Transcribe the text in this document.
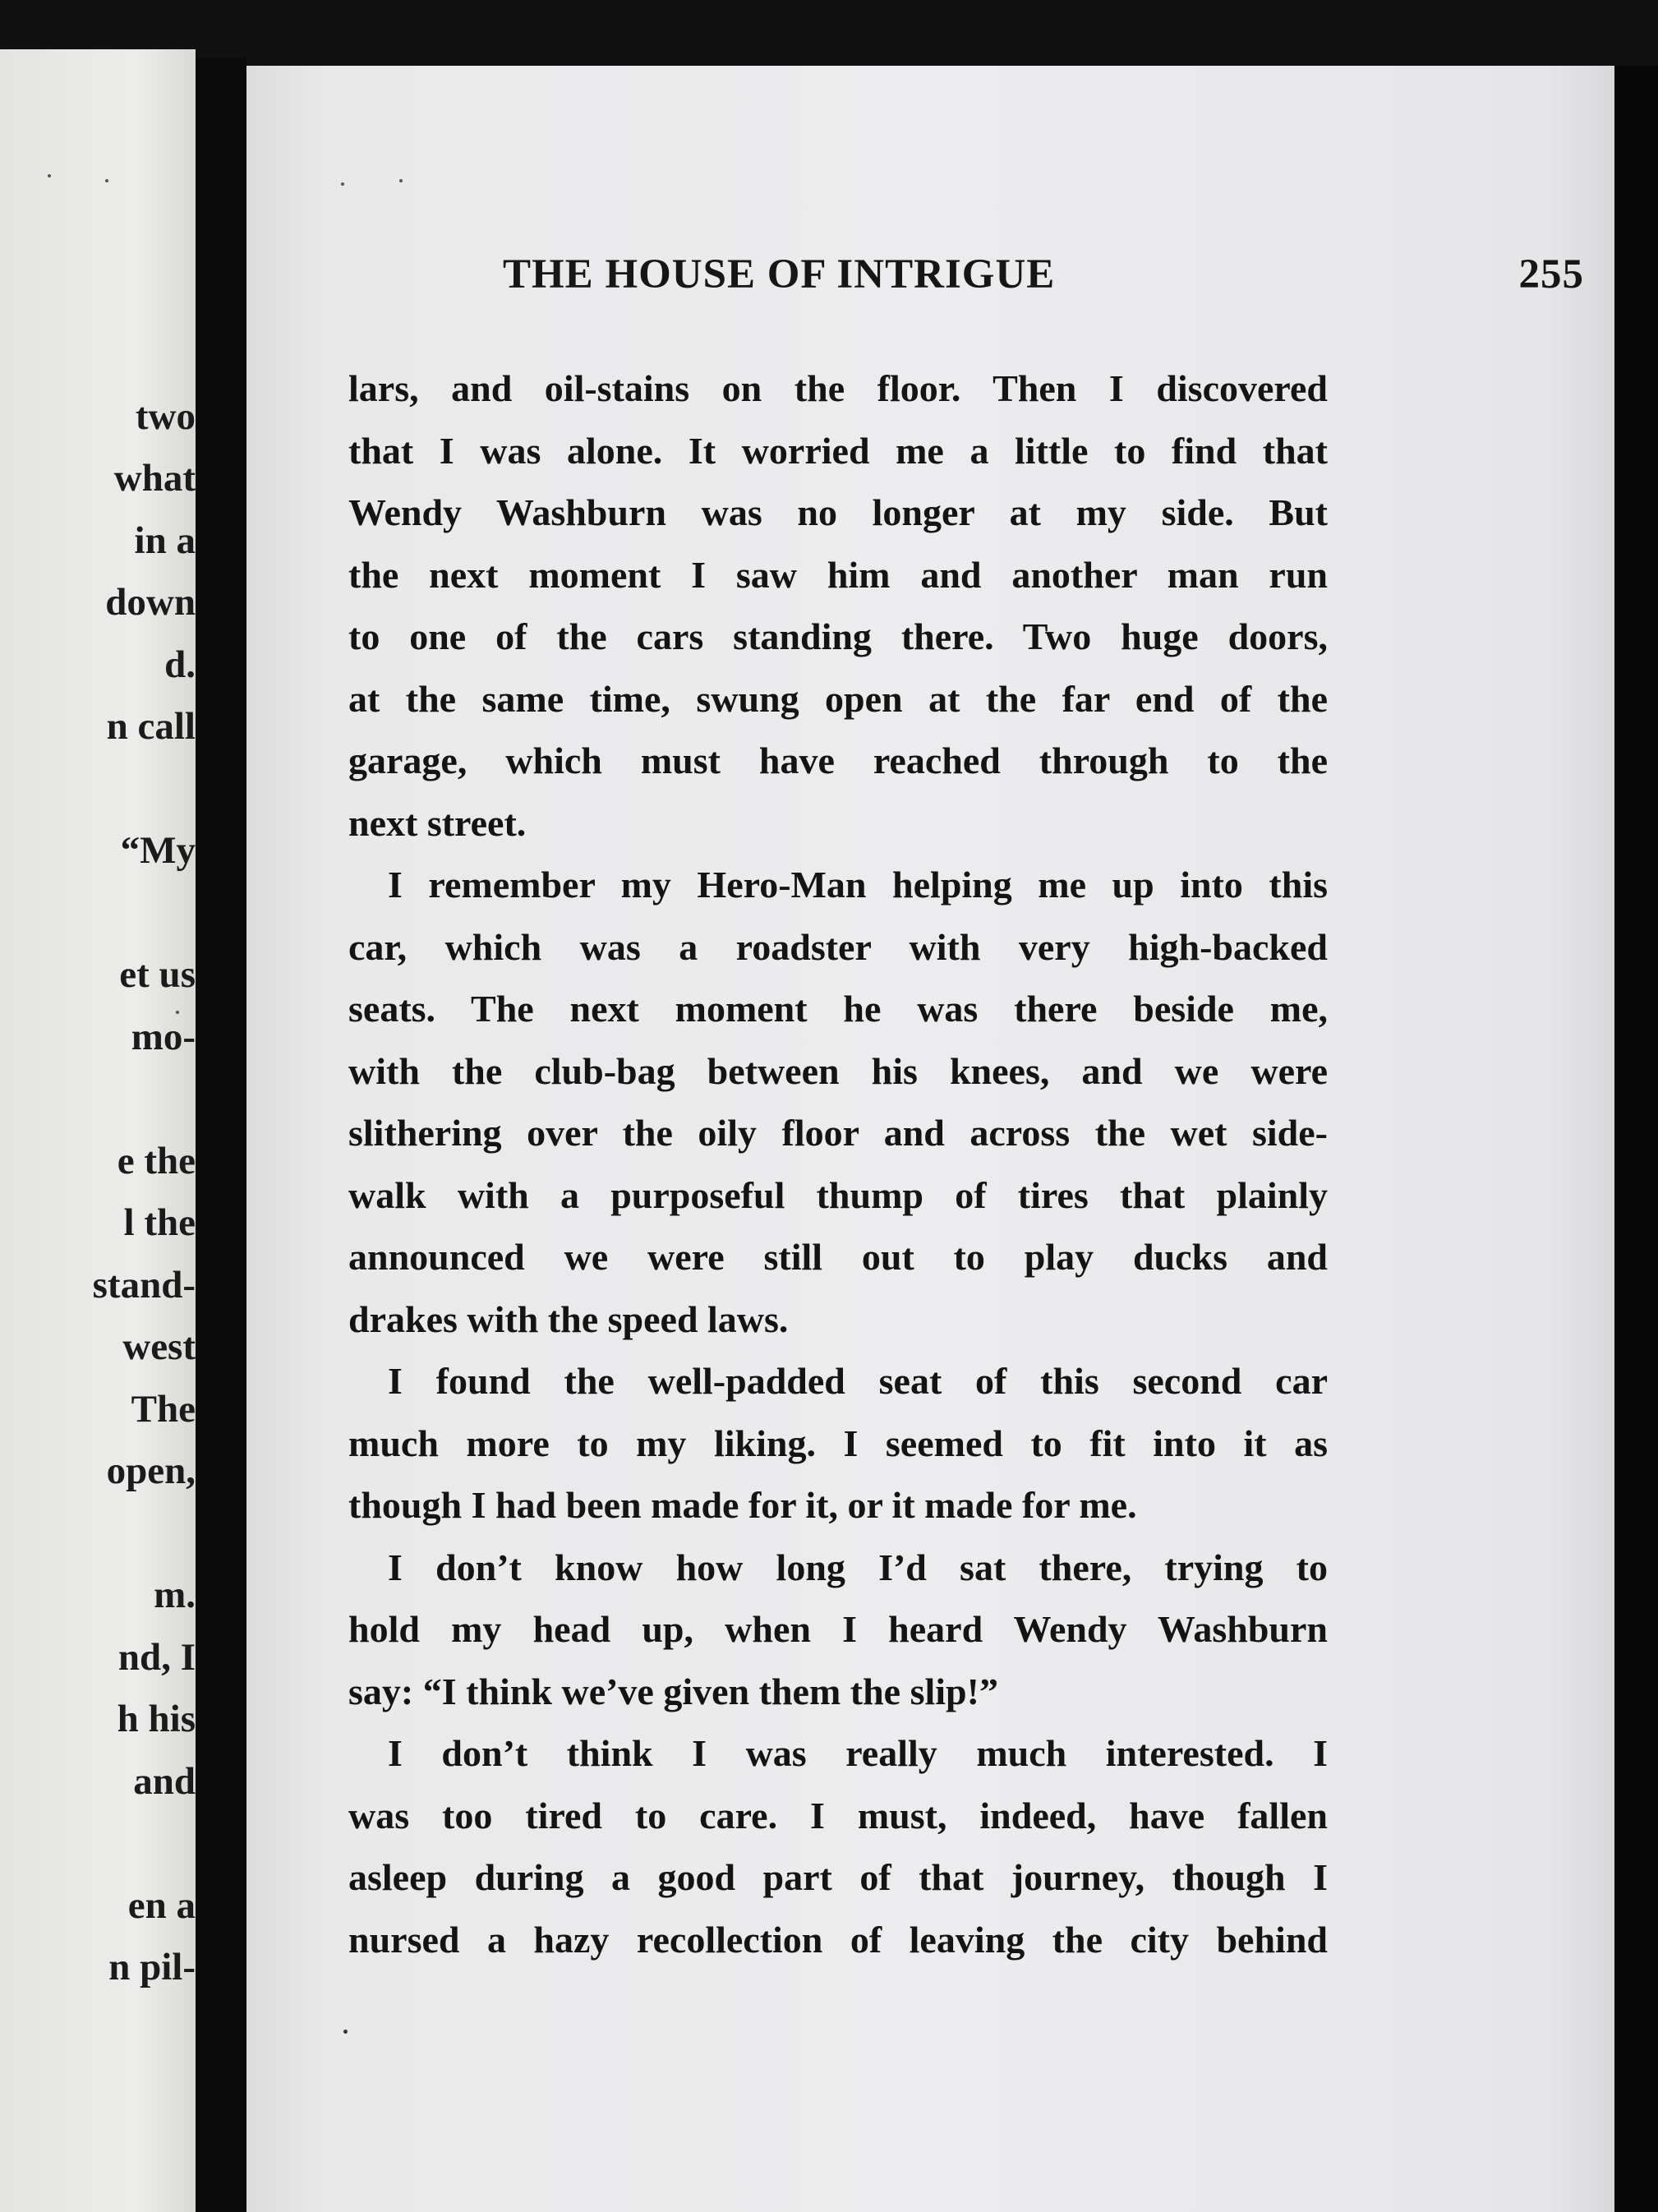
two
what
in a
down
d.
n call
“My
et us
mo-
e the
l the
stand-
west
The
open,
m.
nd, I
h his
and
en a
n pil-
THE HOUSE OF INTRIGUE	255
lars, and oil-stains on the floor. Then I discovered
that I was alone. It worried me a little to find that
Wendy Washburn was no longer at my side. But
the next moment I saw him and another man run
to one of the cars standing there. Two huge doors,
at the same time, swung open at the far end of the
garage, which must have reached through to the
next street.
I remember my Hero-Man helping me up into this
car, which was a roadster with very high-backed
seats. The next moment he was there beside me,
with the club-bag between his knees, and we were
slithering over the oily floor and across the wet side-
walk with a purposeful thump of tires that plainly
announced we were still out to play ducks and
drakes with the speed laws.
I found the well-padded seat of this second car
much more to my liking. I seemed to fit into it as
though I had been made for it, or it made for me.
I don’t know how long I’d sat there, trying to
hold my head up, when I heard Wendy Washburn
say: “I think we’ve given them the slip!”
I don’t think I was really much interested. I
was too tired to care. I must, indeed, have fallen
asleep during a good part of that journey, though I
nursed a hazy recollection of leaving the city behind
